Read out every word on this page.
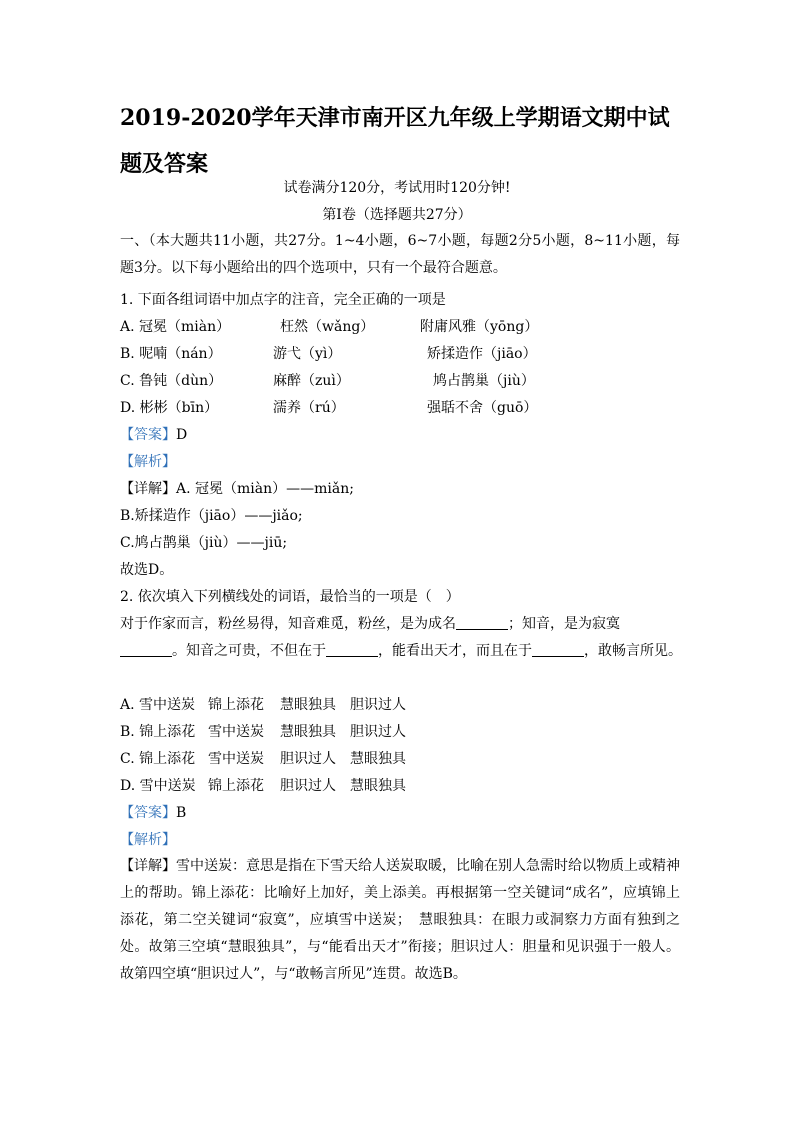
2019-2020学年天津市南开区九年级上学期语文期中试题及答案
试卷满分120分，考试用时120分钟!
第Ⅰ卷（选择题共27分）

一、（本大题共11小题，共27分。1~4小题，6~7小题，每题2分5小题，8~11小题，每题3分。以下每小题给出的四个选项中，只有一个最符合题意。

1. 下面各组词语中加点字的注音，完全正确的一项是
A. 冠冕（miàn）	枉然（wǎng）	附庸风雅（yōng）
B. 呢喃（nán）	游弋（yì）	矫揉造作（jiāo）
C. 鲁钝（dùn）	麻醉（zuì）	鸠占鹊巢（jiù）
D. 彬彬（bīn）	濡养（rú）	强聒不舍（guō）
【答案】D
【解析】
【详解】A. 冠冕（miàn）——miǎn;
B.矫揉造作（jiāo）——jiǎo;
C.鸠占鹊巢（jiù）——jiū;
故选D。
2. 依次填入下列横线处的词语，最恰当的一项是（　）
对于作家而言，粉丝易得，知音难觅，粉丝，是为成名	；知音，是为寂寞
。知音之可贵，不但在于	，能看出天才，而且在于	，敢畅言所见。
A. 雪中送炭 锦上添花 慧眼独具 胆识过人
B. 锦上添花 雪中送炭 慧眼独具 胆识过人
C. 锦上添花 雪中送炭 胆识过人 慧眼独具
D. 雪中送炭 锦上添花 胆识过人 慧眼独具
【答案】B
【解析】

【详解】雪中送炭：意思是指在下雪天给人送炭取暖，比喻在别人急需时给以物质上或精神上的帮助。锦上添花：比喻好上加好，美上添美。再根据第一空关键词“成名”，应填锦上添花，第二空关键词“寂寞”，应填雪中送炭；　慧眼独具：在眼力或洞察力方面有独到之处。故第三空填“慧眼独具”，与“能看出天才”衔接；胆识过人：胆量和见识强于一般人。故第四空填“胆识过人”，与“敢畅言所见”连贯。故选B。
